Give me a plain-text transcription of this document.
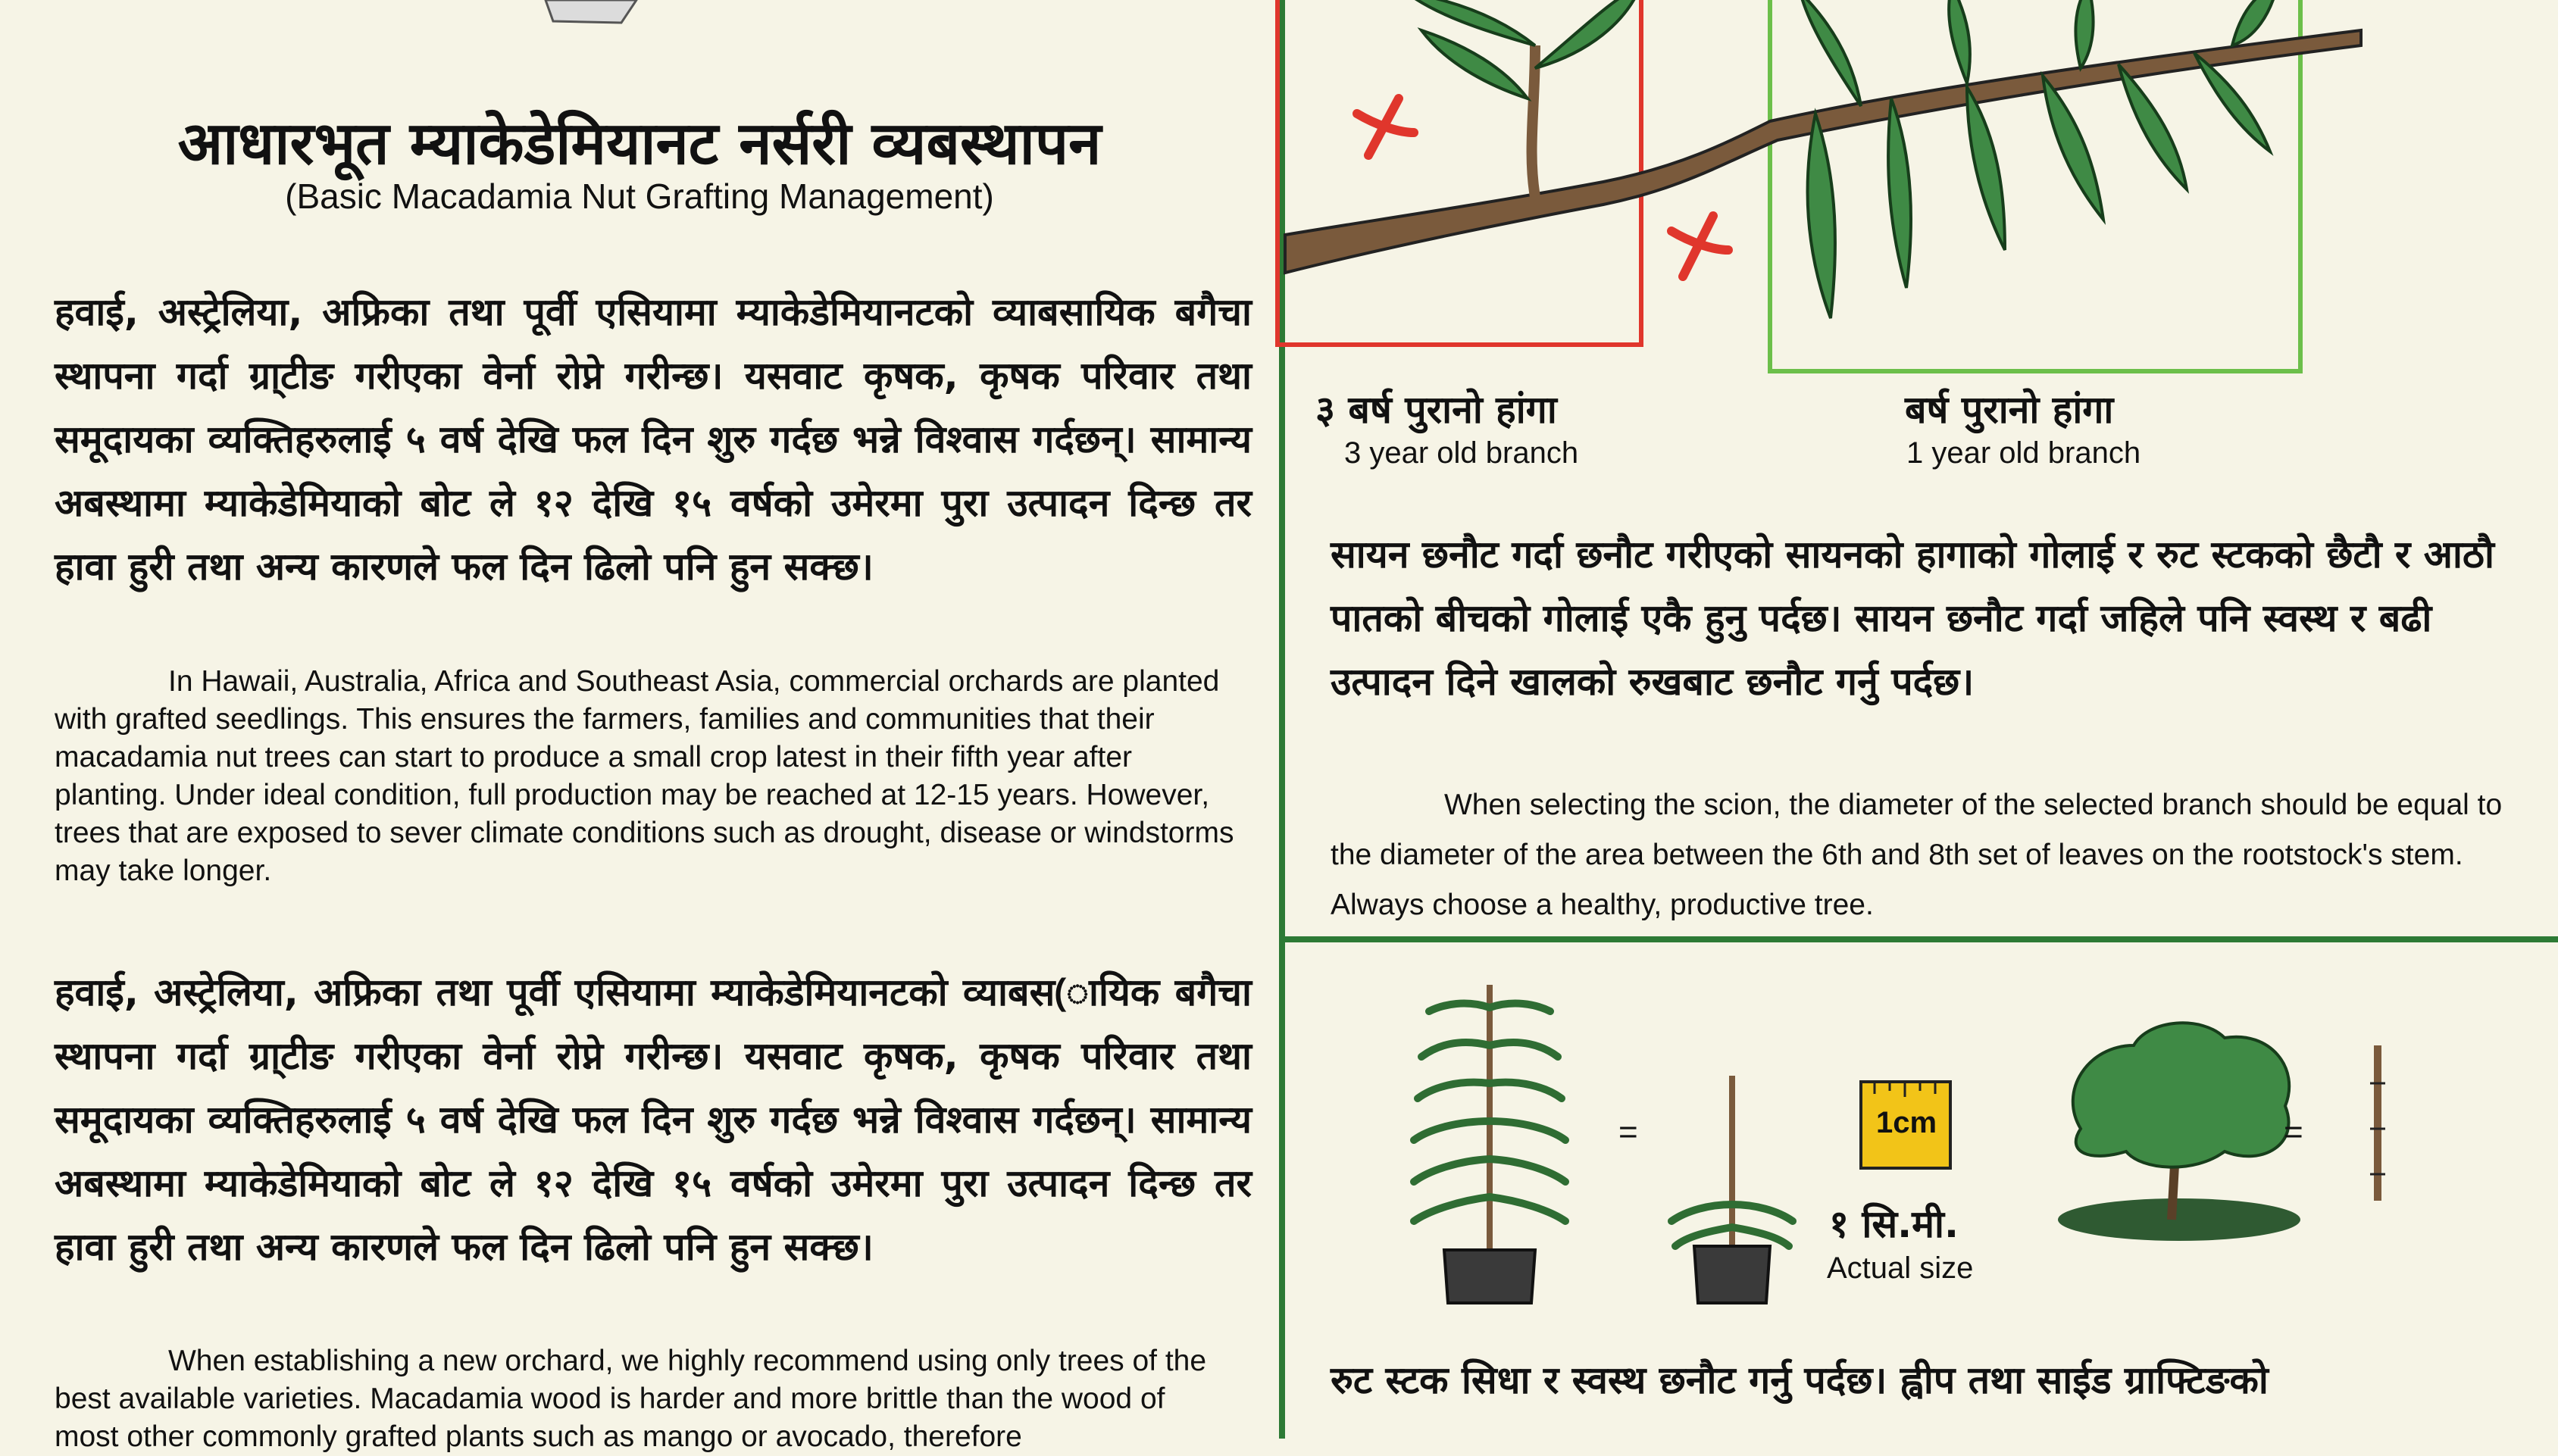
आधारभूत म्याकेडेमियानट नर्सरी व्यबस्थापन
(Basic Macadamia Nut Grafting Management)
हवाई, अस्ट्रेलिया, अफ्रिका तथा पूर्वी एसियामा म्याकेडेमियानटको व्याबसायिक बगैचा स्थापना गर्दा ग्रा्टीङ गरीएका वेर्ना रोप्ने गरीन्छ। यसवाट कृषक, कृषक परिवार तथा समूदायका व्यक्तिहरुलाई ५ वर्ष देखि फल दिन शुरु गर्दछ भन्ने विश्वास गर्दछन्। सामान्य अबस्थामा म्याकेडेमियाको बोट ले १२ देखि १५ वर्षको उमेरमा पुरा उत्पादन दिन्छ तर हावा हुरी तथा अन्य कारणले फल दिन ढिलो पनि हुन सक्छ।
In Hawaii, Australia, Africa and Southeast Asia, commercial orchards are planted with grafted seedlings. This ensures the farmers, families and communities that their macadamia nut trees can start to produce a small crop latest in their fifth year after planting. Under ideal condition, full production may be reached at 12-15 years. However, trees that are exposed to sever climate conditions such as drought, disease or windstorms may take longer.
हवाई, अस्ट्रेलिया, अफ्रिका तथा पूर्वी एसियामा म्याकेडेमियानटको व्याबस(ायिक बगैचा स्थापना गर्दा ग्रा्टीङ गरीएका वेर्ना रोप्ने गरीन्छ। यसवाट कृषक, कृषक परिवार तथा समूदायका व्यक्तिहरुलाई ५ वर्ष देखि फल दिन शुरु गर्दछ भन्ने विश्वास गर्दछन्। सामान्य अबस्थामा म्याकेडेमियाको बोट ले १२ देखि १५ वर्षको उमेरमा पुरा उत्पादन दिन्छ तर हावा हुरी तथा अन्य कारणले फल दिन ढिलो पनि हुन सक्छ।
When establishing a new orchard, we highly recommend using only trees of the best available varieties. Macadamia wood is harder and more brittle than the wood of most other commonly grafted plants such as mango or avocado, therefore
३ बर्ष पुरानो हांगा
3 year old branch
बर्ष पुरानो हांगा
1 year old branch
सायन छनौट गर्दा छनौट गरीएको सायनको हागाको गोलाई र रुट स्टकको छैटौ र आठौ पातको बीचको गोलाई एकै हुनु पर्दछ। सायन छनौट गर्दा जहिले पनि स्वस्थ र बढी उत्पादन दिने खालको रुखबाट छनौट गर्नु पर्दछ।
When selecting the scion, the diameter of the selected branch should be equal to the diameter of the area between the 6th and 8th set of leaves on the rootstock's stem. Always choose a healthy, productive tree.
=	1cm
१ सि.मी.
Actual size
=
रुट स्टक सिधा र स्वस्थ छनौट गर्नु पर्दछ। ह्वीप तथा साईड ग्राफ्टिङको
